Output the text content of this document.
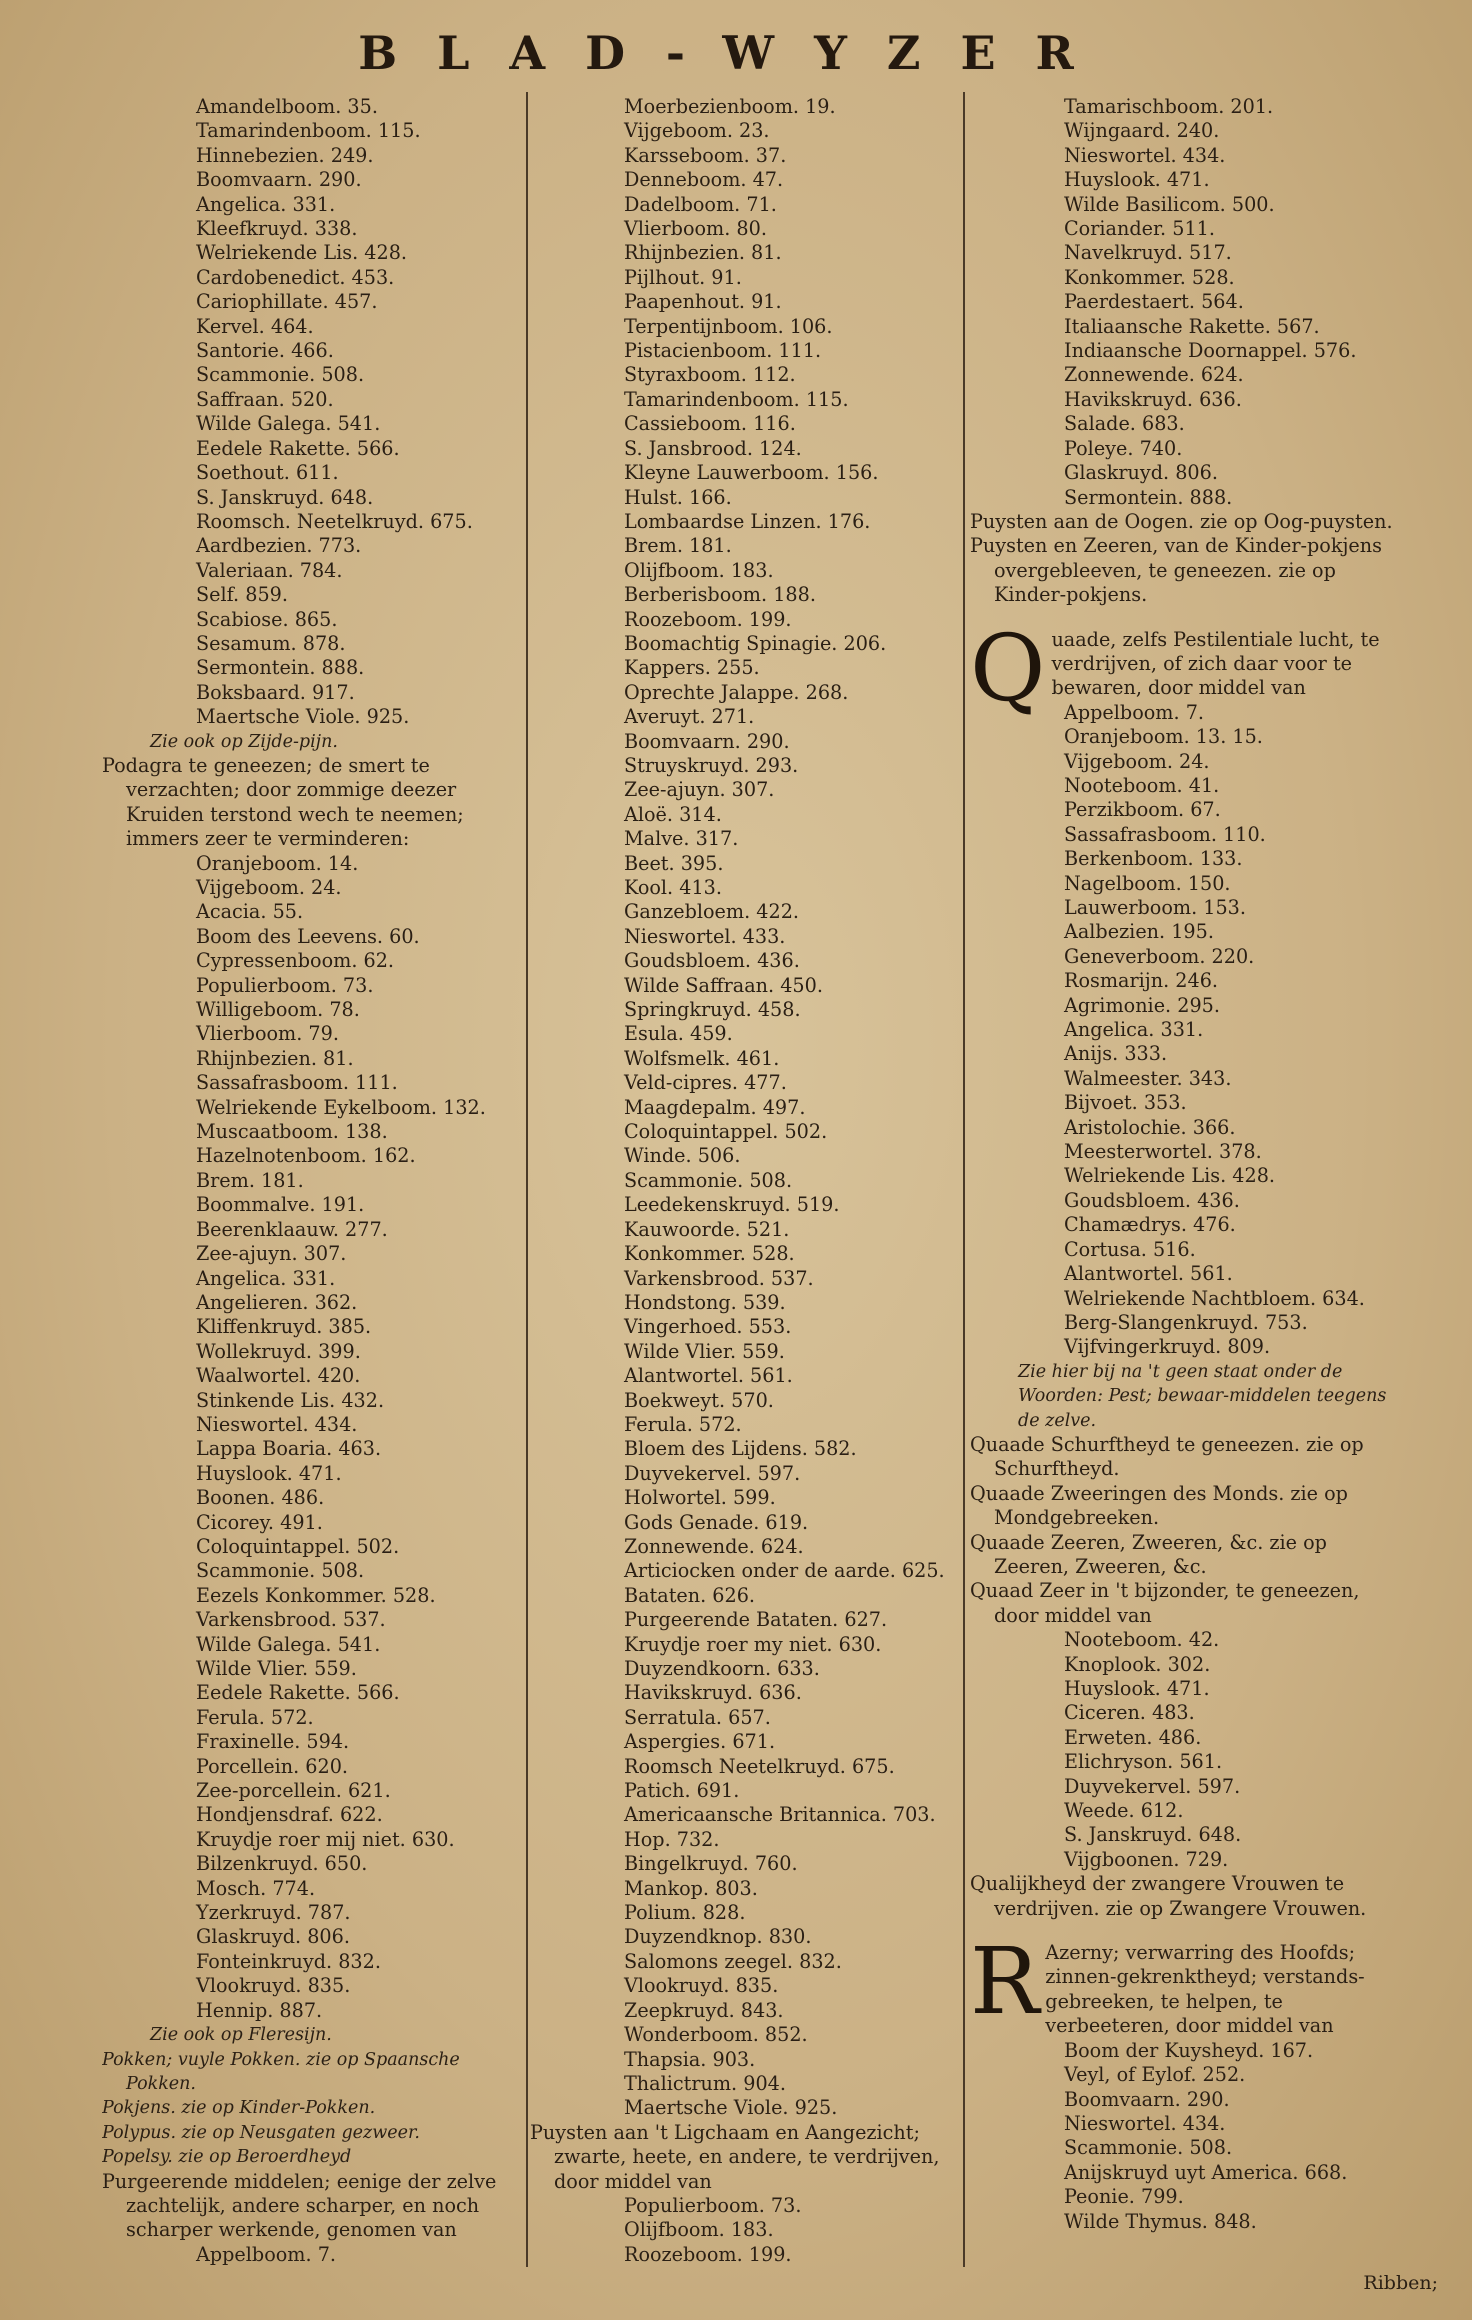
BLAD-WYZER
Amandelboom. 35.
Tamarindenboom. 115.
Hinnebezien. 249.
Boomvaarn. 290.
Angelica. 331.
Kleefkruyd. 338.
Welriekende Lis. 428.
Cardobenedict. 453.
Cariophillate. 457.
Kervel. 464.
Santorie. 466.
Scammonie. 508.
Saffraan. 520.
Wilde Galega. 541.
Eedele Rakette. 566.
Soethout. 611.
S. Janskruyd. 648.
Roomsch. Neetelkruyd. 675.
Aardbezien. 773.
Valeriaan. 784.
Self. 859.
Scabiose. 865.
Sesamum. 878.
Sermontein. 888.
Boksbaard. 917.
Maertsche Viole. 925.
Zie ook op Zijde-pijn.
Podagra te geneezen; de smert te verzachten; door zommige deezer Kruiden terstond wech te neemen; immers zeer te verminderen:
Oranjeboom. 14.
Vijgeboom. 24.
Acacia. 55.
Boom des Leevens. 60.
Cypressenboom. 62.
Populierboom. 73.
Willigeboom. 78.
Vlierboom. 79.
Rhijnbezien. 81.
Sassafrasboom. 111.
Welriekende Eykelboom. 132.
Muscaatboom. 138.
Hazelnotenboom. 162.
Brem. 181.
Boommalve. 191.
Beerenklaauw. 277.
Zee-ajuyn. 307.
Angelica. 331.
Angelieren. 362.
Kliffenkruyd. 385.
Wollekruyd. 399.
Waalwortel. 420.
Stinkende Lis. 432.
Nieswortel. 434.
Lappa Boaria. 463.
Huyslook. 471.
Boonen. 486.
Cicorey. 491.
Coloquintappel. 502.
Scammonie. 508.
Eezels Konkommer. 528.
Varkensbrood. 537.
Wilde Galega. 541.
Wilde Vlier. 559.
Eedele Rakette. 566.
Ferula. 572.
Fraxinelle. 594.
Porcellein. 620.
Zee-porcellein. 621.
Hondjensdraf. 622.
Kruydje roer mij niet. 630.
Bilzenkruyd. 650.
Mosch. 774.
Yzerkruyd. 787.
Glaskruyd. 806.
Fonteinkruyd. 832.
Vlookruyd. 835.
Hennip. 887.
Zie ook op Fleresijn.
Pokken; vuyle Pokken. zie op Spaansche Pokken.
Pokjens. zie op Kinder-Pokken.
Polypus. zie op Neusgaten gezweer.
Popelsy. zie op Beroerdheyd
Purgeerende middelen; eenige der zelve zachtelijk, andere scharper, en noch scharper werkende, genomen van
Appelboom. 7.
Moerbezienboom. 19.
Vijgeboom. 23.
Karsseboom. 37.
Denneboom. 47.
Dadelboom. 71.
Vlierboom. 80.
Rhijnbezien. 81.
Pijlhout. 91.
Paapenhout. 91.
Terpentijnboom. 106.
Pistacienboom. 111.
Styraxboom. 112.
Tamarindenboom. 115.
Cassieboom. 116.
S. Jansbrood. 124.
Kleyne Lauwerboom. 156.
Hulst. 166.
Lombaardse Linzen. 176.
Brem. 181.
Olijfboom. 183.
Berberisboom. 188.
Roozeboom. 199.
Boomachtig Spinagie. 206.
Kappers. 255.
Oprechte Jalappe. 268.
Averuyt. 271.
Boomvaarn. 290.
Struyskruyd. 293.
Zee-ajuyn. 307.
Aloë. 314.
Malve. 317.
Beet. 395.
Kool. 413.
Ganzebloem. 422.
Nieswortel. 433.
Goudsbloem. 436.
Wilde Saffraan. 450.
Springkruyd. 458.
Esula. 459.
Wolfsmelk. 461.
Veld-cipres. 477.
Maagdepalm. 497.
Coloquintappel. 502.
Winde. 506.
Scammonie. 508.
Leedekenskruyd. 519.
Kauwoorde. 521.
Konkommer. 528.
Varkensbrood. 537.
Hondstong. 539.
Vingerhoed. 553.
Wilde Vlier. 559.
Alantwortel. 561.
Boekweyt. 570.
Ferula. 572.
Bloem des Lijdens. 582.
Duyvekervel. 597.
Holwortel. 599.
Gods Genade. 619.
Zonnewende. 624.
Articiocken onder de aarde. 625.
Bataten. 626.
Purgeerende Bataten. 627.
Kruydje roer my niet. 630.
Duyzendkoorn. 633.
Havikskruyd. 636.
Serratula. 657.
Aspergies. 671.
Roomsch Neetelkruyd. 675.
Patich. 691.
Americaansche Britannica. 703.
Hop. 732.
Bingelkruyd. 760.
Mankop. 803.
Polium. 828.
Duyzendknop. 830.
Salomons zeegel. 832.
Vlookruyd. 835.
Zeepkruyd. 843.
Wonderboom. 852.
Thapsia. 903.
Thalictrum. 904.
Maertsche Viole. 925.
Puysten aan 't Ligchaam en Aangezicht; zwarte, heete, en andere, te verdrijven, door middel van
Populierboom. 73.
Olijfboom. 183.
Roozeboom. 199.
Tamarischboom. 201.
Wijngaard. 240.
Nieswortel. 434.
Huyslook. 471.
Wilde Basilicom. 500.
Coriander. 511.
Navelkruyd. 517.
Konkommer. 528.
Paerdestaert. 564.
Italiaansche Rakette. 567.
Indiaansche Doornappel. 576.
Zonnewende. 624.
Havikskruyd. 636.
Salade. 683.
Poleye. 740.
Glaskruyd. 806.
Sermontein. 888.
Puysten aan de Oogen. zie op Oog-puysten.
Puysten en Zeeren, van de Kinder-pokjens overgebleeven, te geneezen. zie op Kinder-pokjens.
Quaade, zelfs Pestilentiale lucht, te verdrijven, of zich daar voor te bewaren, door middel van
Appelboom. 7.
Oranjeboom. 13. 15.
Vijgeboom. 24.
Nooteboom. 41.
Perzikboom. 67.
Sassafrasboom. 110.
Berkenboom. 133.
Nagelboom. 150.
Lauwerboom. 153.
Aalbezien. 195.
Geneverboom. 220.
Rosmarijn. 246.
Agrimonie. 295.
Angelica. 331.
Anijs. 333.
Walmeester. 343.
Bijvoet. 353.
Aristolochie. 366.
Meesterwortel. 378.
Welriekende Lis. 428.
Goudsbloem. 436.
Chamædrys. 476.
Cortusa. 516.
Alantwortel. 561.
Welriekende Nachtbloem. 634.
Berg-Slangenkruyd. 753.
Vijfvingerkruyd. 809.
Zie hier bij na 't geen staat onder de Woorden: Pest; bewaar-middelen teegens de zelve.
Quaade Schurftheyd te geneezen. zie op Schurftheyd.
Quaade Zweeringen des Monds. zie op Mondgebreeken.
Quaade Zeeren, Zweeren, &c. zie op Zeeren, Zweeren, &c.
Quaad Zeer in 't bijzonder, te geneezen, door middel van
Nooteboom. 42.
Knoplook. 302.
Huyslook. 471.
Ciceren. 483.
Erweten. 486.
Elichryson. 561.
Duyvekervel. 597.
Weede. 612.
S. Janskruyd. 648.
Vijgboonen. 729.
Qualijkheyd der zwangere Vrouwen te verdrijven. zie op Zwangere Vrouwen.
R Azerny; verwarring des Hoofds; zinnen-gekrenktheyd; verstands-gebreeken, te helpen, te verbeeteren, door middel van
Boom der Kuysheyd. 167.
Veyl, of Eylof. 252.
Boomvaarn. 290.
Nieswortel. 434.
Scammonie. 508.
Anijskruyd uyt America. 668.
Peonie. 799.
Wilde Thymus. 848.
Ribben;
